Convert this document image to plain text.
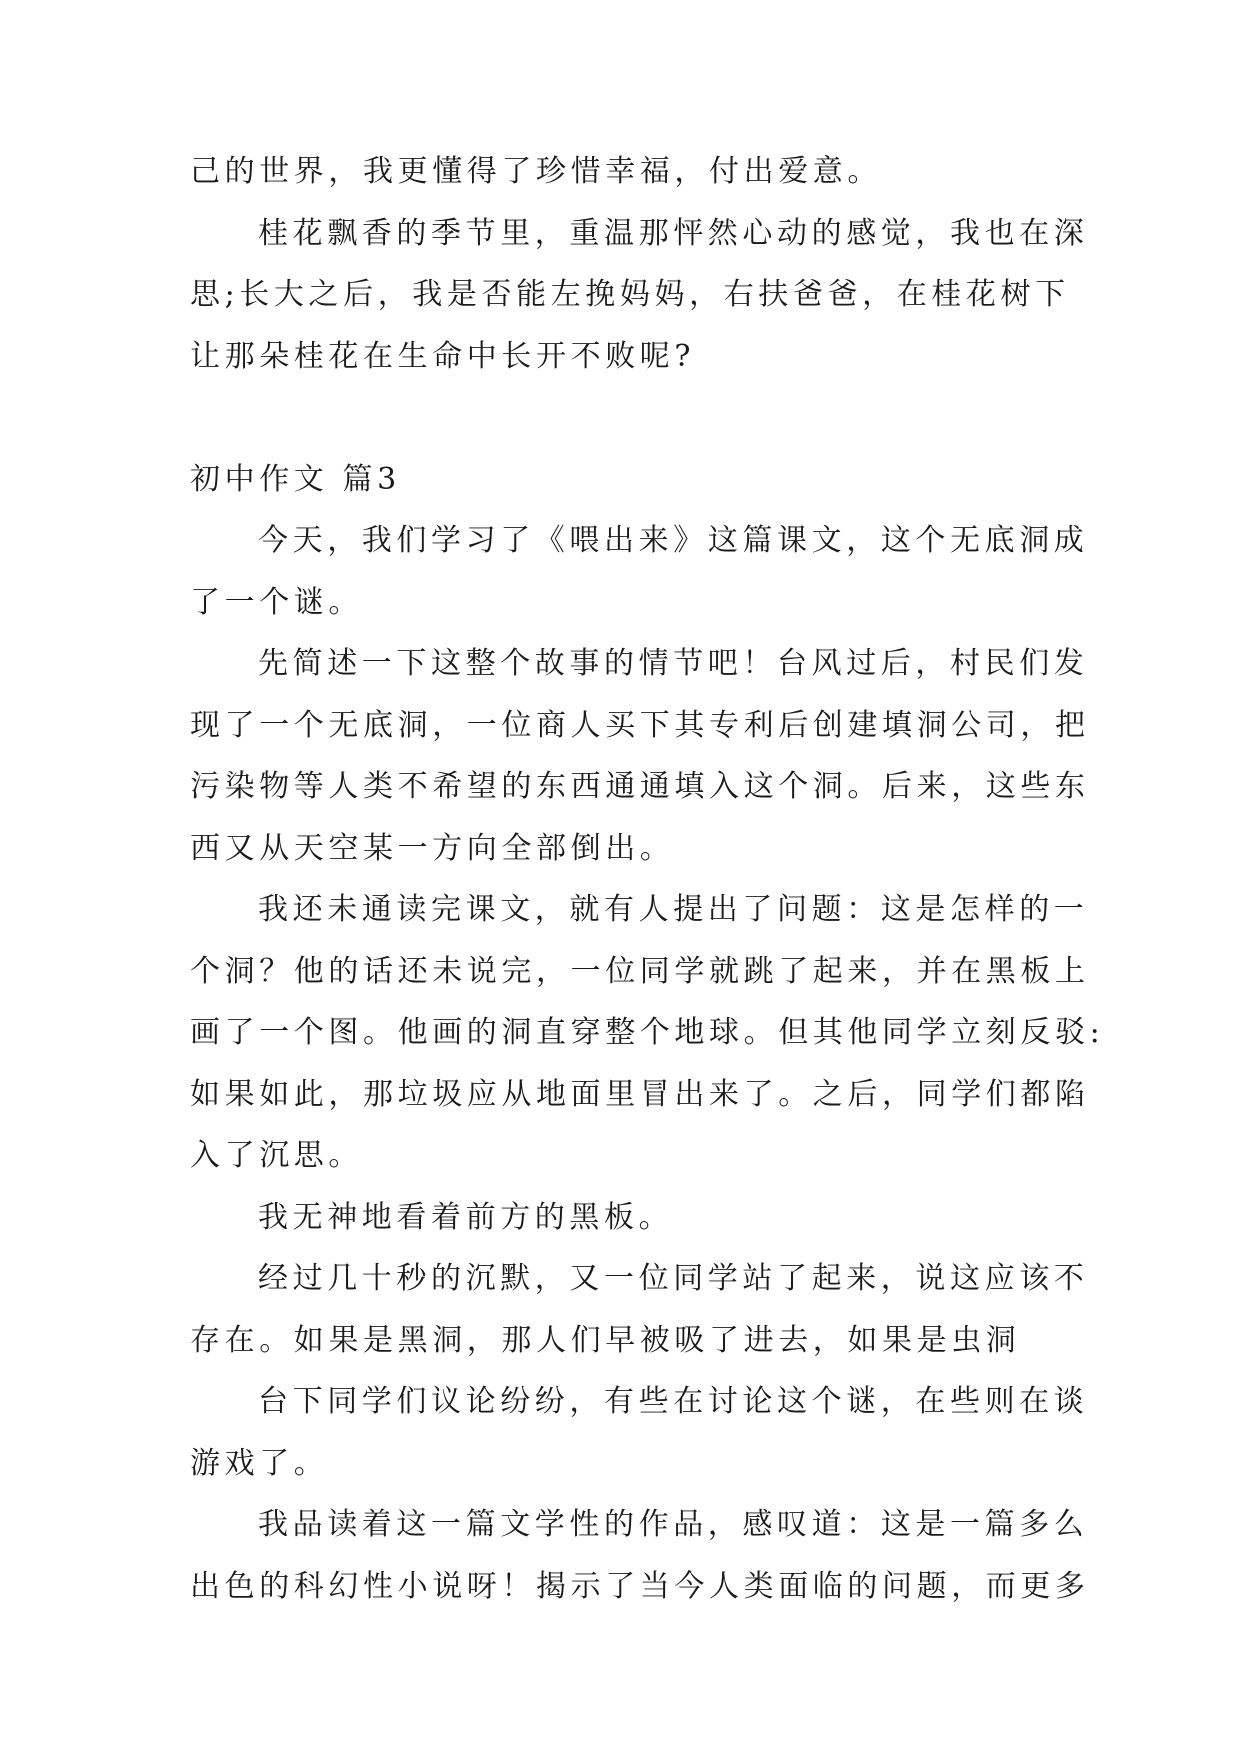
己的世界，我更懂得了珍惜幸福，付出爱意。
桂花飘香的季节里，重温那怦然心动的感觉，我也在深
思;长大之后，我是否能左挽妈妈，右扶爸爸，在桂花树下
让那朵桂花在生命中长开不败呢?
初中作文 篇3
今天，我们学习了《喂出来》这篇课文，这个无底洞成
了一个谜。
先简述一下这整个故事的情节吧！台风过后，村民们发
现了一个无底洞，一位商人买下其专利后创建填洞公司，把
污染物等人类不希望的东西通通填入这个洞。后来，这些东
西又从天空某一方向全部倒出。
我还未通读完课文，就有人提出了问题：这是怎样的一
个洞？他的话还未说完，一位同学就跳了起来，并在黑板上
画了一个图。他画的洞直穿整个地球。但其他同学立刻反驳:
如果如此，那垃圾应从地面里冒出来了。之后，同学们都陷
入了沉思。
我无神地看着前方的黑板。
经过几十秒的沉默，又一位同学站了起来，说这应该不
存在。如果是黑洞，那人们早被吸了进去，如果是虫洞
台下同学们议论纷纷，有些在讨论这个谜，在些则在谈
游戏了。
我品读着这一篇文学性的作品，感叹道：这是一篇多么
出色的科幻性小说呀！揭示了当今人类面临的问题，而更多
